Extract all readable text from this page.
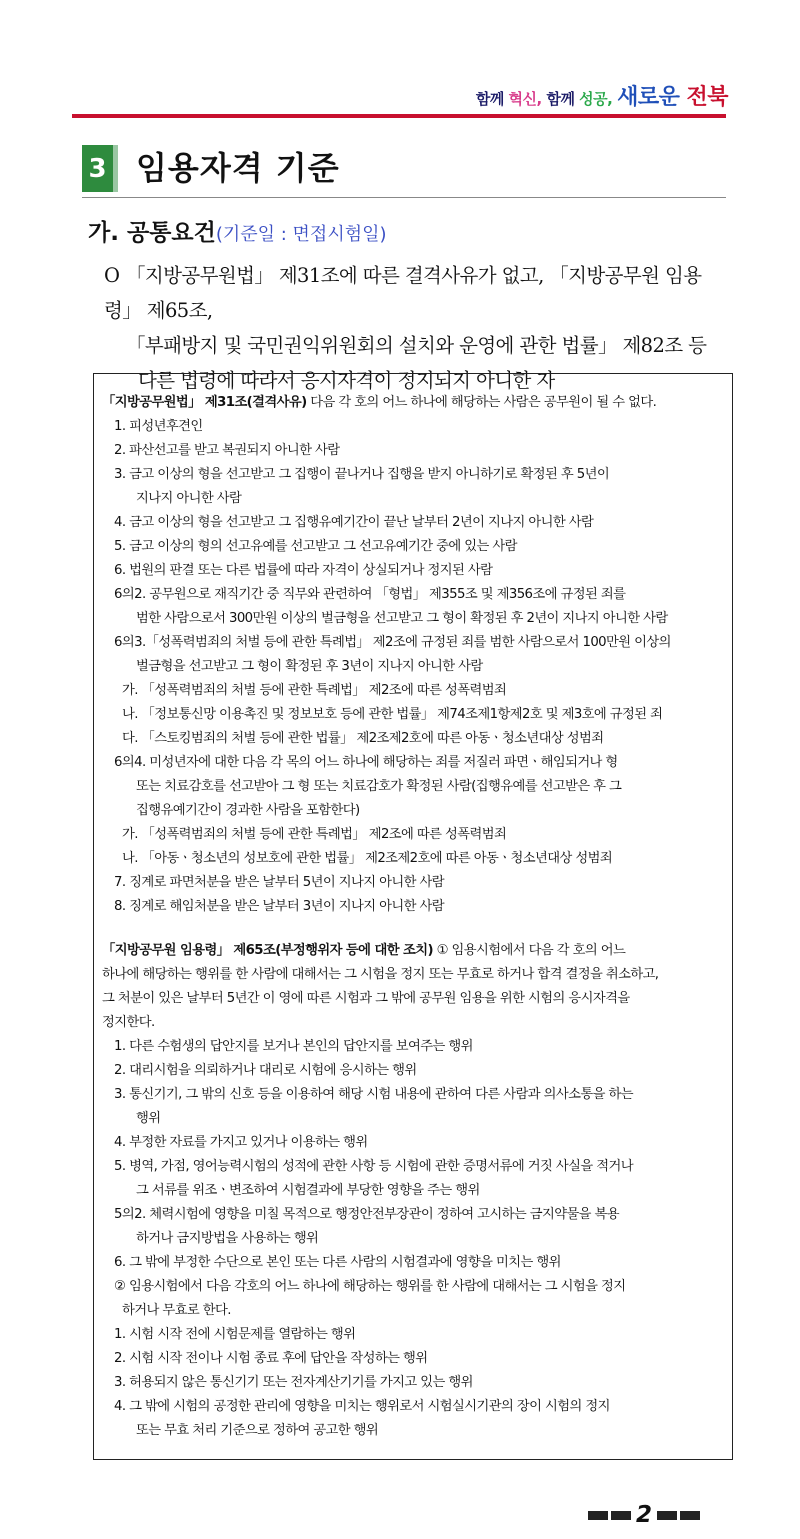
함께 혁신, 함께 성공, 새로운 전북
3 임용자격 기준
가. 공통요건(기준일 : 면접시험일)
O 「지방공무원법」 제31조에 따른 결격사유가 없고, 「지방공무원 임용령」 제65조,
「부패방지 및 국민권익위원회의 설치와 운영에 관한 법률」 제82조 등
다른 법령에 따라서 응시자격이 정지되지 아니한 자
「지방공무원법」 제31조(결격사유) 다음 각 호의 어느 하나에 해당하는 사람은 공무원이 될 수 없다.
1. 피성년후견인
2. 파산선고를 받고 복권되지 아니한 사람
3. 금고 이상의 형을 선고받고 그 집행이 끝나거나 집행을 받지 아니하기로 확정된 후 5년이
지나지 아니한 사람
4. 금고 이상의 형을 선고받고 그 집행유예기간이 끝난 날부터 2년이 지나지 아니한 사람
5. 금고 이상의 형의 선고유예를 선고받고 그 선고유예기간 중에 있는 사람
6. 법원의 판결 또는 다른 법률에 따라 자격이 상실되거나 정지된 사람
6의2. 공무원으로 재직기간 중 직무와 관련하여 「형법」 제355조 및 제356조에 규정된 죄를
범한 사람으로서 300만원 이상의 벌금형을 선고받고 그 형이 확정된 후 2년이 지나지 아니한 사람
6의3.「성폭력범죄의 처벌 등에 관한 특례법」 제2조에 규정된 죄를 범한 사람으로서 100만원 이상의
벌금형을 선고받고 그 형이 확정된 후 3년이 지나지 아니한 사람
가. 「성폭력범죄의 처벌 등에 관한 특례법」 제2조에 따른 성폭력범죄
나. 「정보통신망 이용촉진 및 정보보호 등에 관한 법률」 제74조제1항제2호 및 제3호에 규정된 죄
다. 「스토킹범죄의 처벌 등에 관한 법률」 제2조제2호에 따른 아동ㆍ청소년대상 성범죄
6의4. 미성년자에 대한 다음 각 목의 어느 하나에 해당하는 죄를 저질러 파면ㆍ해임되거나 형
또는 치료감호를 선고받아 그 형 또는 치료감호가 확정된 사람(집행유예를 선고받은 후 그
집행유예기간이 경과한 사람을 포함한다)
가. 「성폭력범죄의 처벌 등에 관한 특례법」 제2조에 따른 성폭력범죄
나. 「아동ㆍ청소년의 성보호에 관한 법률」 제2조제2호에 따른 아동ㆍ청소년대상 성범죄
7. 징계로 파면처분을 받은 날부터 5년이 지나지 아니한 사람
8. 징계로 해임처분을 받은 날부터 3년이 지나지 아니한 사람
「지방공무원 임용령」 제65조(부정행위자 등에 대한 조치) ① 임용시험에서 다음 각 호의 어느
하나에 해당하는 행위를 한 사람에 대해서는 그 시험을 정지 또는 무효로 하거나 합격 결정을 취소하고,
그 처분이 있은 날부터 5년간 이 영에 따른 시험과 그 밖에 공무원 임용을 위한 시험의 응시자격을
정지한다.
1. 다른 수험생의 답안지를 보거나 본인의 답안지를 보여주는 행위
2. 대리시험을 의뢰하거나 대리로 시험에 응시하는 행위
3. 통신기기, 그 밖의 신호 등을 이용하여 해당 시험 내용에 관하여 다른 사람과 의사소통을 하는
행위
4. 부정한 자료를 가지고 있거나 이용하는 행위
5. 병역, 가점, 영어능력시험의 성적에 관한 사항 등 시험에 관한 증명서류에 거짓 사실을 적거나
그 서류를 위조ㆍ변조하여 시험결과에 부당한 영향을 주는 행위
5의2. 체력시험에 영향을 미칠 목적으로 행정안전부장관이 정하여 고시하는 금지약물을 복용
하거나 금지방법을 사용하는 행위
6. 그 밖에 부정한 수단으로 본인 또는 다른 사람의 시험결과에 영향을 미치는 행위
② 임용시험에서 다음 각호의 어느 하나에 해당하는 행위를 한 사람에 대해서는 그 시험을 정지
하거나 무효로 한다.
1. 시험 시작 전에 시험문제를 열람하는 행위
2. 시험 시작 전이나 시험 종료 후에 답안을 작성하는 행위
3. 허용되지 않은 통신기기 또는 전자계산기기를 가지고 있는 행위
4. 그 밖에 시험의 공정한 관리에 영향을 미치는 행위로서 시험실시기관의 장이 시험의 정지
또는 무효 처리 기준으로 정하여 공고한 행위
2
